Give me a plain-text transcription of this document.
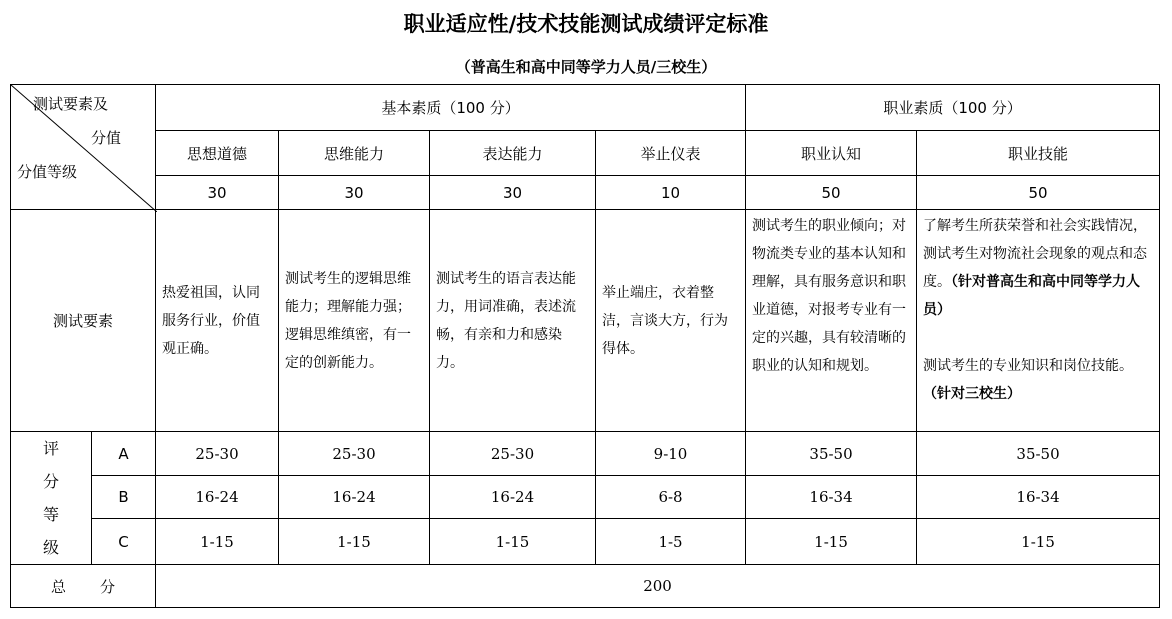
职业适应性/技术技能测试成绩评定标准
（普高生和高中同等学力人员/三校生）
测试要素及
分值
分值等级		基本素质（100 分）				职业素质（100 分）	
		思想道德	思维能力	表达能力	举止仪表	职业认知	职业技能
		30	30	30	10	50	50
测试要素		热爱祖国，认同服务行业，价值观正确。	测试考生的逻辑思维能力；理解能力强；逻辑思维缜密，有一定的创新能力。	测试考生的语言表达能力，用词准确，表述流畅，有亲和力和感染力。	举止端庄，衣着整洁，言谈大方，行为得体。	测试考生的职业倾向；对物流类专业的基本认知和理解，具有服务意识和职业道德，对报考专业有一定的兴趣，具有较清晰的职业的认知和规划。	了解考生所获荣誉和社会实践情况，测试考生对物流社会现象的观点和态度。（针对普高生和高中同等学力人员）
测试考生的专业知识和岗位技能。（针对三校生）

评
分
等
级	A	25-30	25-30	25-30	9-10	35-50	35-50
	B	16-24	16-24	16-24	6-8	16-34	16-34
	C	1-15	1-15	1-15	1-5	1-15	1-15
总 分		200					
